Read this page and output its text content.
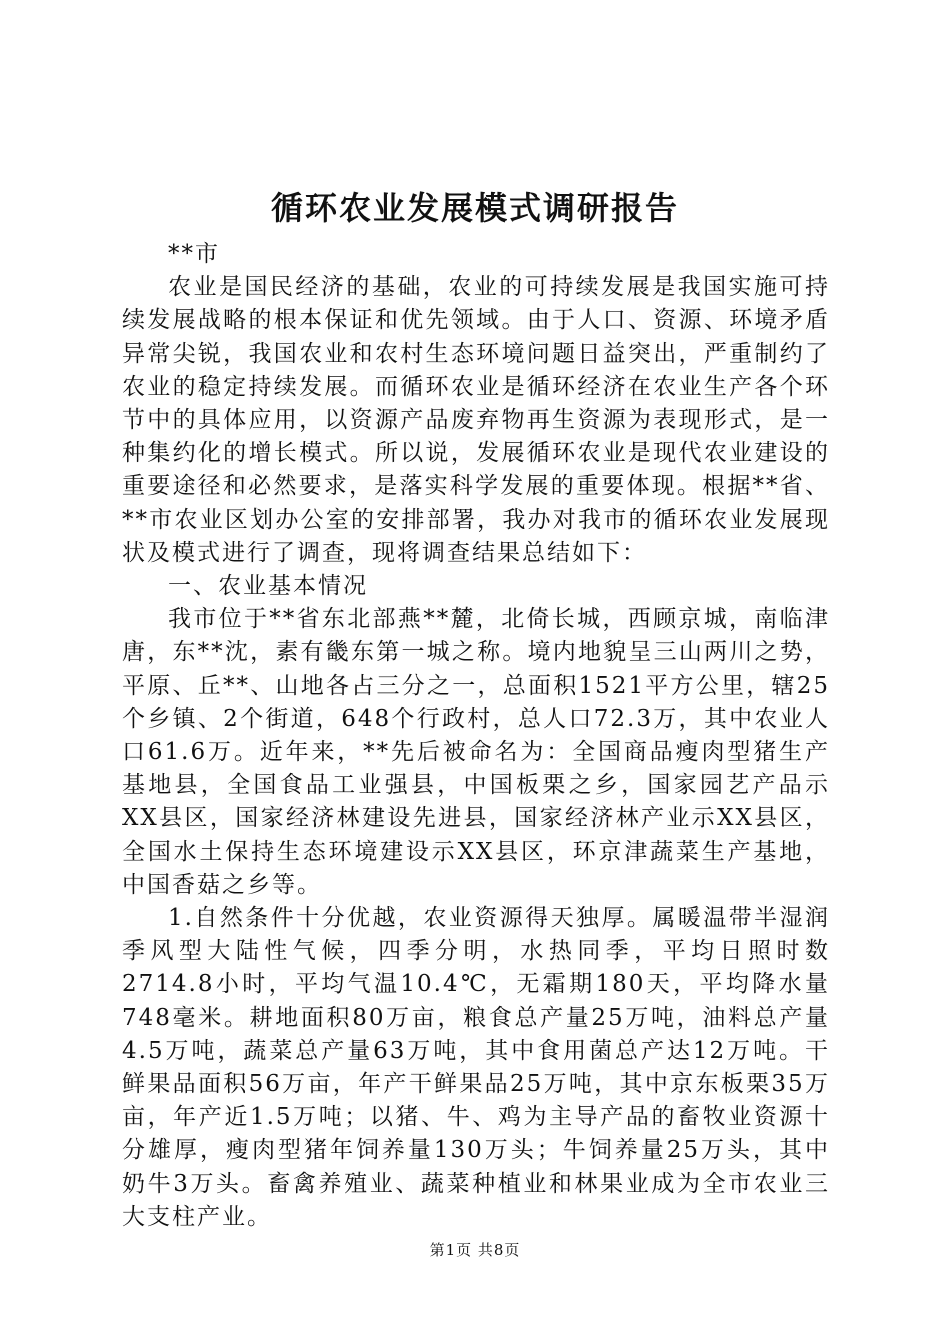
循环农业发展模式调研报告

**市

农业是国民经济的基础，农业的可持续发展是我国实施可持续发展战略的根本保证和优先领域。由于人口、资源、环境矛盾异常尖锐，我国农业和农村生态环境问题日益突出，严重制约了农业的稳定持续发展。而循环农业是循环经济在农业生产各个环节中的具体应用，以资源产品废弃物再生资源为表现形式，是一种集约化的增长模式。所以说，发展循环农业是现代农业建设的重要途径和必然要求，是落实科学发展的重要体现。根据**省、**市农业区划办公室的安排部署，我办对我市的循环农业发展现状及模式进行了调查，现将调查结果总结如下：

一、农业基本情况

我市位于**省东北部燕**麓，北倚长城，西顾京城，南临津唐，东**沈，素有畿东第一城之称。境内地貌呈三山两川之势，平原、丘**、山地各占三分之一，总面积1521平方公里，辖25个乡镇、2个街道，648个行政村，总人口72.3万，其中农业人口61.6万。近年来，**先后被命名为：全国商品瘦肉型猪生产基地县，全国食品工业强县，中国板栗之乡，国家园艺产品示XX县区，国家经济林建设先进县，国家经济林产业示XX县区，全国水土保持生态环境建设示XX县区，环京津蔬菜生产基地，中国香菇之乡等。

1.自然条件十分优越，农业资源得天独厚。属暖温带半湿润季风型大陆性气候，四季分明，水热同季，平均日照时数2714.8小时，平均气温10.4℃，无霜期180天，平均降水量748毫米。耕地面积80万亩，粮食总产量25万吨，油料总产量4.5万吨，蔬菜总产量63万吨，其中食用菌总产达12万吨。干鲜果品面积56万亩，年产干鲜果品25万吨，其中京东板栗35万亩，年产近1.5万吨；以猪、牛、鸡为主导产品的畜牧业资源十分雄厚，瘦肉型猪年饲养量130万头；牛饲养量25万头，其中奶牛3万头。畜禽养殖业、蔬菜种植业和林果业成为全市农业三大支柱产业。

第1页 共8页
